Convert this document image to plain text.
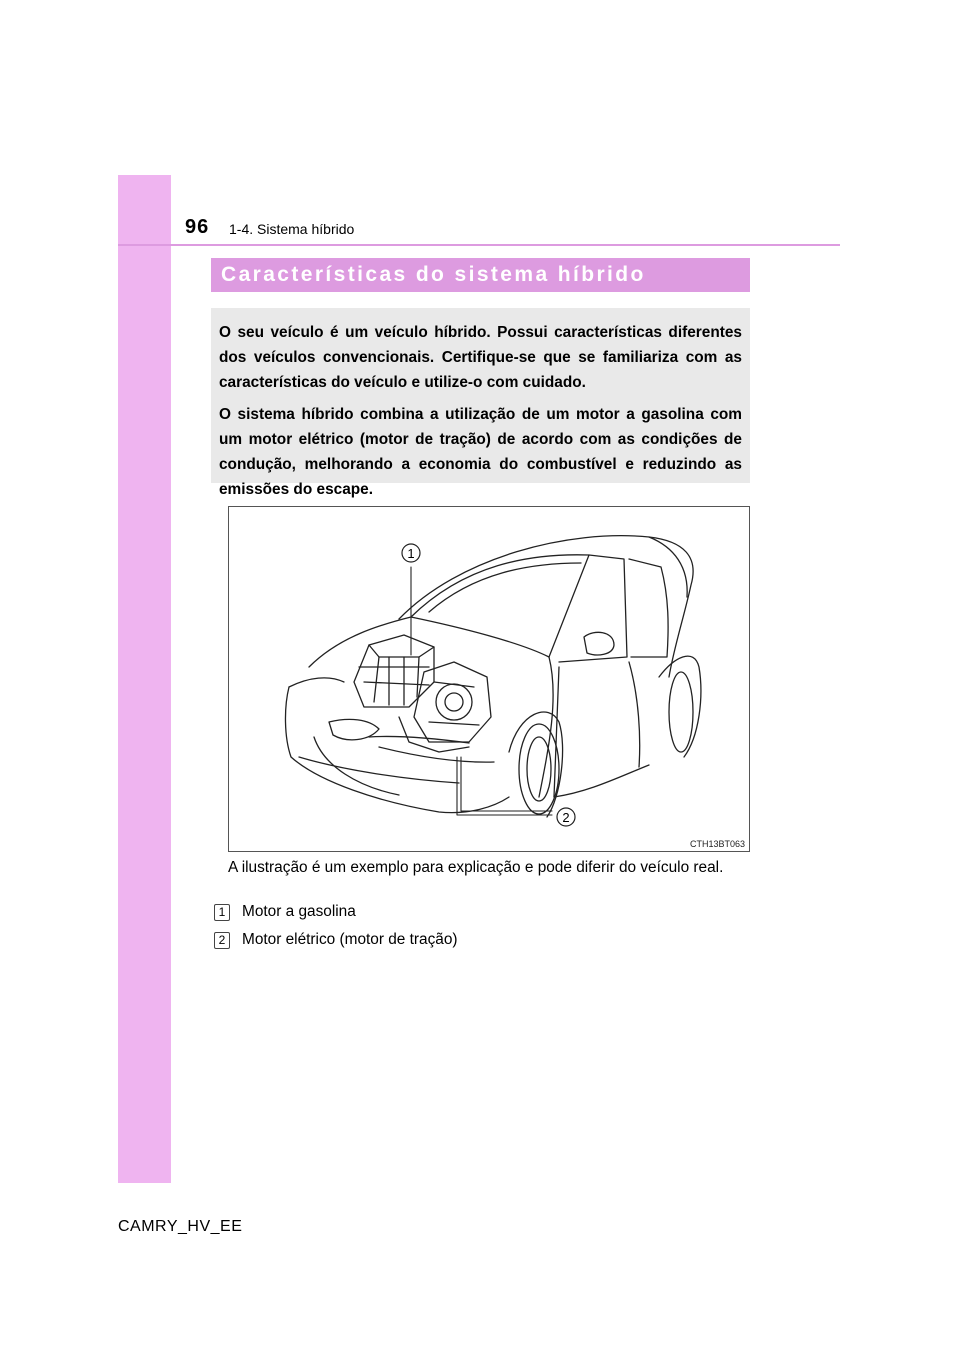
96 1-4. Sistema híbrido
Características do sistema híbrido

O seu veículo é um veículo híbrido. Possui características diferentes dos veículos convencionais. Certifique-se que se familiariza com as características do veículo e utilize-o com cuidado.

O sistema híbrido combina a utilização de um motor a gasolina com um motor elétrico (motor de tração) de acordo com as condições de condução, melhorando a economia do combustível e reduzindo as emissões do escape.

1
2
CTH13BT063
A ilustração é um exemplo para explicação e pode diferir do veículo real.
1	Motor a gasolina
2	Motor elétrico (motor de tração)
CAMRY_HV_EE
